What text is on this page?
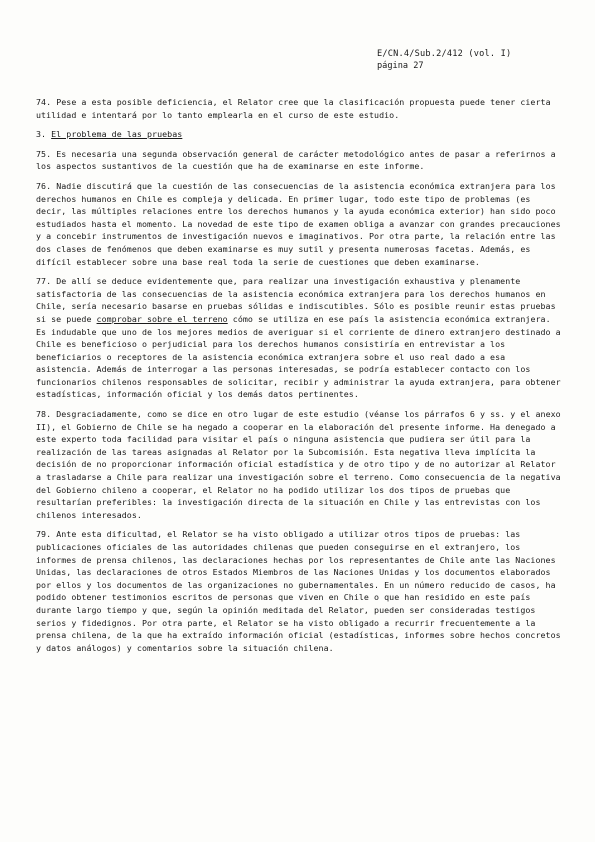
E/CN.4/Sub.2/412 (vol. I)
página 27
74. Pese a esta posible deficiencia, el Relator cree que la clasificación propuesta puede tener cierta utilidad e intentará por lo tanto emplearla en el curso de este estudio.
3. El problema de las pruebas
75. Es necesaria una segunda observación general de carácter metodológico antes de pasar a referirnos a los aspectos sustantivos de la cuestión que ha de examinarse en este informe.
76. Nadie discutirá que la cuestión de las consecuencias de la asistencia económica extranjera para los derechos humanos en Chile es compleja y delicada. En primer lugar, todo este tipo de problemas (es decir, las múltiples relaciones entre los derechos humanos y la ayuda económica exterior) han sido poco estudiados hasta el momento. La novedad de este tipo de examen obliga a avanzar con grandes precauciones y a concebir instrumentos de investigación nuevos e imaginativos. Por otra parte, la relación entre las dos clases de fenómenos que deben examinarse es muy sutil y presenta numerosas facetas. Además, es difícil establecer sobre una base real toda la serie de cuestiones que deben examinarse.
77. De allí se deduce evidentemente que, para realizar una investigación exhaustiva y plenamente satisfactoria de las consecuencias de la asistencia económica extranjera para los derechos humanos en Chile, sería necesario basarse en pruebas sólidas e indiscutibles. Sólo es posible reunir estas pruebas si se puede comprobar sobre el terreno cómo se utiliza en ese país la asistencia económica extranjera. Es indudable que uno de los mejores medios de averiguar si el corriente de dinero extranjero destinado a Chile es beneficioso o perjudicial para los derechos humanos consistiría en entrevistar a los beneficiarios o receptores de la asistencia económica extranjera sobre el uso real dado a esa asistencia. Además de interrogar a las personas interesadas, se podría establecer contacto con los funcionarios chilenos responsables de solicitar, recibir y administrar la ayuda extranjera, para obtener estadísticas, información oficial y los demás datos pertinentes.
78. Desgraciadamente, como se dice en otro lugar de este estudio (véanse los párrafos 6 y ss. y el anexo II), el Gobierno de Chile se ha negado a cooperar en la elaboración del presente informe. Ha denegado a este experto toda facilidad para visitar el país o ninguna asistencia que pudiera ser útil para la realización de las tareas asignadas al Relator por la Subcomisión. Esta negativa lleva implícita la decisión de no proporcionar información oficial estadística y de otro tipo y de no autorizar al Relator a trasladarse a Chile para realizar una investigación sobre el terreno. Como consecuencia de la negativa del Gobierno chileno a cooperar, el Relator no ha podido utilizar los dos tipos de pruebas que resultarían preferibles: la investigación directa de la situación en Chile y las entrevistas con los chilenos interesados.
79. Ante esta dificultad, el Relator se ha visto obligado a utilizar otros tipos de pruebas: las publicaciones oficiales de las autoridades chilenas que pueden conseguirse en el extranjero, los informes de prensa chilenos, las declaraciones hechas por los representantes de Chile ante las Naciones Unidas, las declaraciones de otros Estados Miembros de las Naciones Unidas y los documentos elaborados por ellos y los documentos de las organizaciones no gubernamentales. En un número reducido de casos, ha podido obtener testimonios escritos de personas que viven en Chile o que han residido en este país durante largo tiempo y que, según la opinión meditada del Relator, pueden ser consideradas testigos serios y fidedignos. Por otra parte, el Relator se ha visto obligado a recurrir frecuentemente a la prensa chilena, de la que ha extraído información oficial (estadísticas, informes sobre hechos concretos y datos análogos) y comentarios sobre la situación chilena.
